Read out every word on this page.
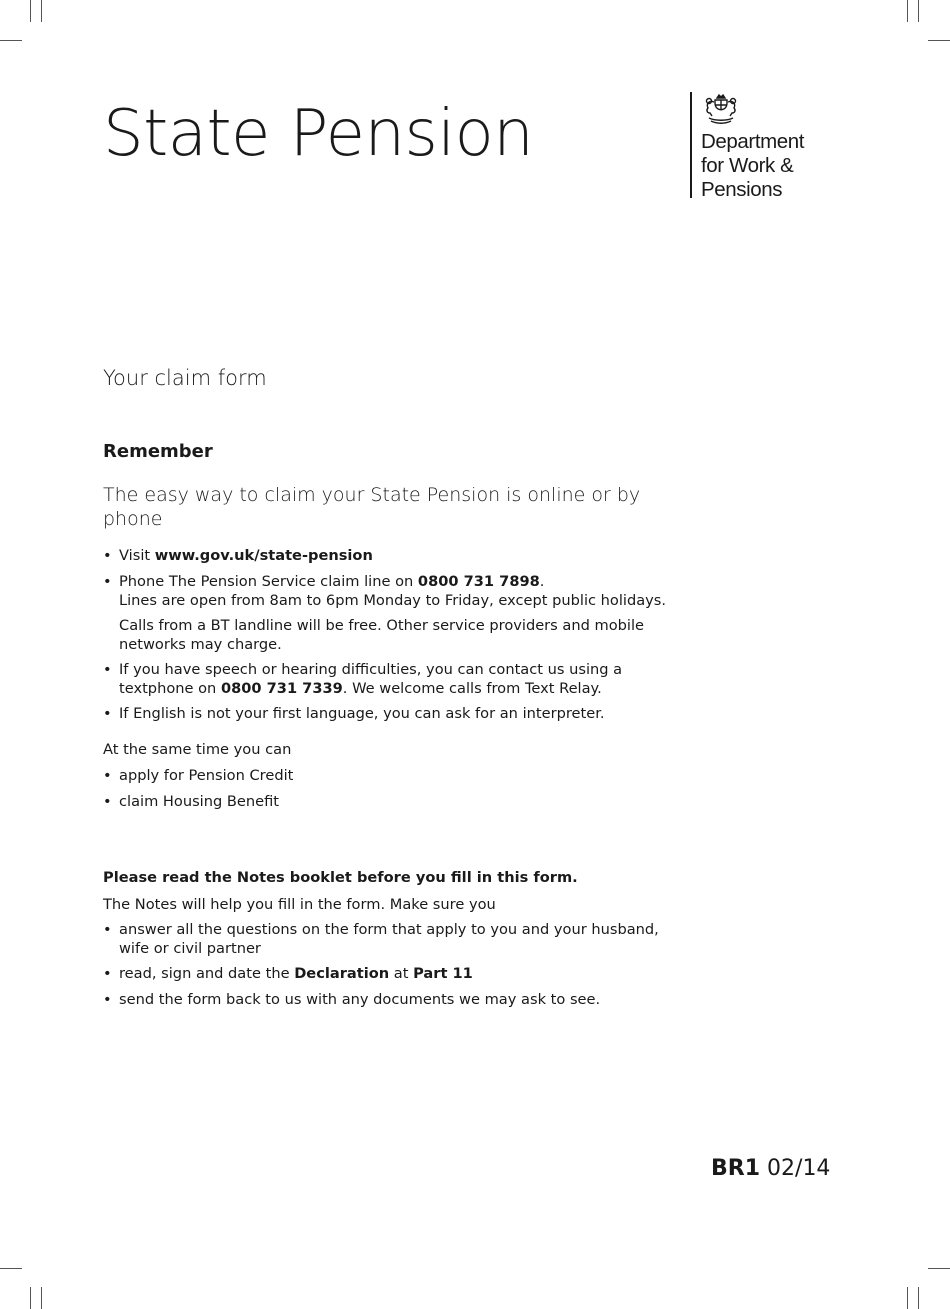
State Pension	Department
for Work &
Pensions
Your claim form
Remember
The easy way to claim your State Pension is online or by phone
• Visit www.gov.uk/state-pension
• Phone The Pension Service claim line on 0800 731 7898.
Lines are open from 8am to 6pm Monday to Friday, except public holidays.
Calls from a BT landline will be free. Other service providers and mobile networks may charge.
• If you have speech or hearing difficulties, you can contact us using a textphone on 0800 731 7339. We welcome calls from Text Relay.
• If English is not your first language, you can ask for an interpreter.
At the same time you can
• apply for Pension Credit
• claim Housing Benefit
Please read the Notes booklet before you fill in this form.
The Notes will help you fill in the form. Make sure you
• answer all the questions on the form that apply to you and your husband, wife or civil partner
• read, sign and date the Declaration at Part 11
• send the form back to us with any documents we may ask to see.
BR1 02/14
